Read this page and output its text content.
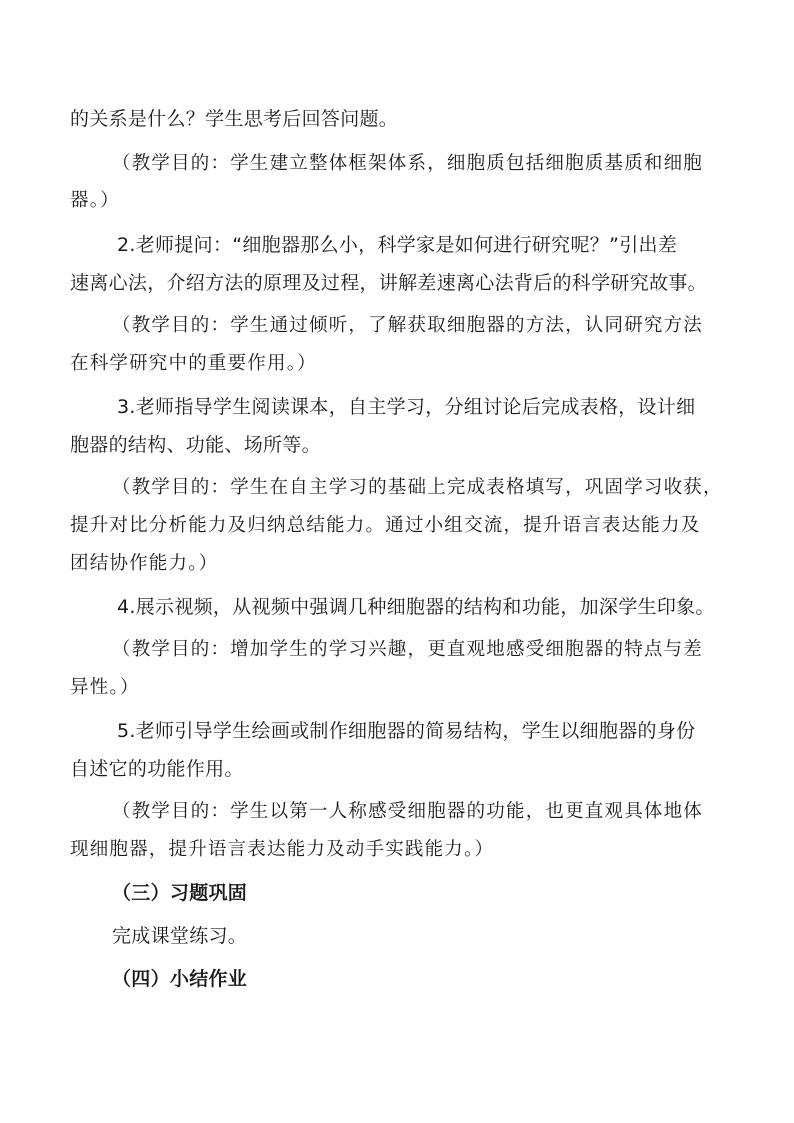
的关系是什么？学生思考后回答问题。
（教学目的：学生建立整体框架体系，细胞质包括细胞质基质和细胞
器。）
2.老师提问：“细胞器那么小，科学家是如何进行研究呢？”引出差
速离心法，介绍方法的原理及过程，讲解差速离心法背后的科学研究故事。
（教学目的：学生通过倾听，了解获取细胞器的方法，认同研究方法
在科学研究中的重要作用。）
3.老师指导学生阅读课本，自主学习，分组讨论后完成表格，设计细
胞器的结构、功能、场所等。
（教学目的：学生在自主学习的基础上完成表格填写，巩固学习收获，
提升对比分析能力及归纳总结能力。通过小组交流，提升语言表达能力及
团结协作能力。）
4.展示视频，从视频中强调几种细胞器的结构和功能，加深学生印象。
（教学目的：增加学生的学习兴趣，更直观地感受细胞器的特点与差
异性。）
5.老师引导学生绘画或制作细胞器的简易结构，学生以细胞器的身份
自述它的功能作用。
（教学目的：学生以第一人称感受细胞器的功能，也更直观具体地体
现细胞器，提升语言表达能力及动手实践能力。）
（三）习题巩固
完成课堂练习。
（四）小结作业
